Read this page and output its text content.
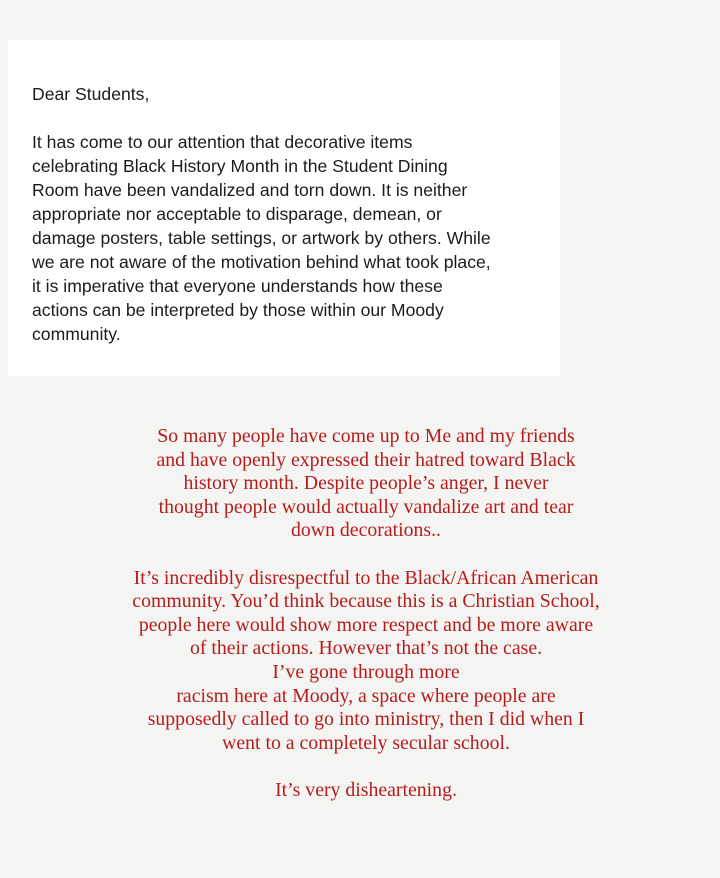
Dear Students,

It has come to our attention that decorative items
celebrating Black History Month in the Student Dining
Room have been vandalized and torn down. It is neither
appropriate nor acceptable to disparage, demean, or
damage posters, table settings, or artwork by others. While
we are not aware of the motivation behind what took place,
it is imperative that everyone understands how these
actions can be interpreted by those within our Moody
community.

So many people have come up to Me and my friends
and have openly expressed their hatred toward Black
history month. Despite people’s anger, I never
thought people would actually vandalize art and tear
down decorations..

It’s incredibly disrespectful to the Black/African American
community. You’d think because this is a Christian School,
people here would show more respect and be more aware
of their actions. However that’s not the case.
I’ve gone through more
racism here at Moody, a space where people are
supposedly called to go into ministry, then I did when I
went to a completely secular school.

It’s very disheartening.
